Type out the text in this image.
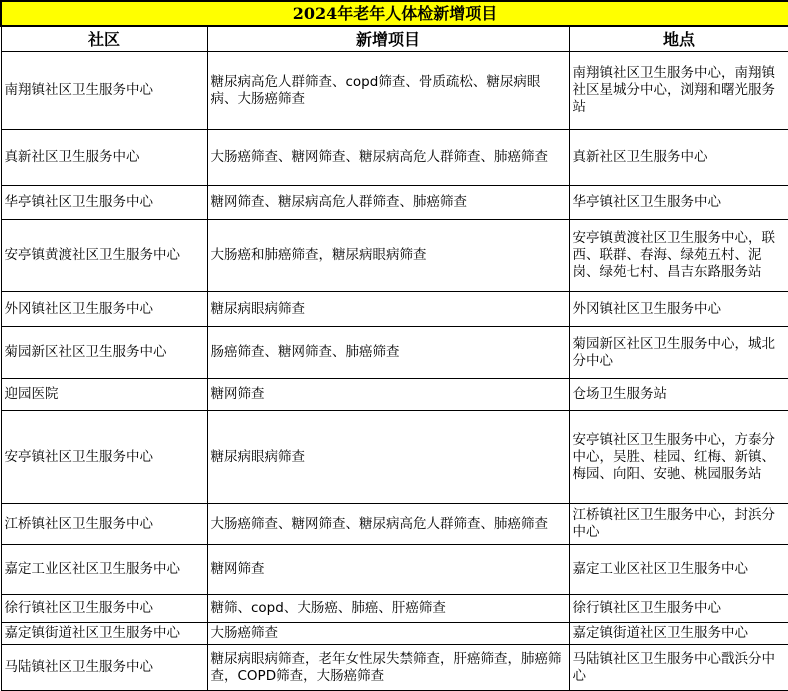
2024年老年人体检新增项目		
社区	新增项目	地点
南翔镇社区卫生服务中心	糖尿病高危人群筛查、copd筛查、骨质疏松、糖尿病眼病、大肠癌筛查	南翔镇社区卫生服务中心，南翔镇社区星城分中心，浏翔和曙光服务站
真新社区卫生服务中心	大肠癌筛查、糖网筛查、糖尿病高危人群筛查、肺癌筛查	真新社区卫生服务中心
华亭镇社区卫生服务中心	糖网筛查、糖尿病高危人群筛查、肺癌筛查	华亭镇社区卫生服务中心
安亭镇黄渡社区卫生服务中心	大肠癌和肺癌筛查，糖尿病眼病筛查	安亭镇黄渡社区卫生服务中心，联西、联群、春海、绿苑五村、泥岗、绿苑七村、昌吉东路服务站
外冈镇社区卫生服务中心	糖尿病眼病筛查	外冈镇社区卫生服务中心
菊园新区社区卫生服务中心	肠癌筛查、糖网筛查、肺癌筛查	菊园新区社区卫生服务中心，城北分中心
迎园医院	糖网筛查	仓场卫生服务站
安亭镇社区卫生服务中心	糖尿病眼病筛查	安亭镇社区卫生服务中心，方泰分中心，吴胜、桂园、红梅、新镇、梅园、向阳、安驰、桃园服务站
江桥镇社区卫生服务中心	大肠癌筛查、糖网筛查、糖尿病高危人群筛查、肺癌筛查	江桥镇社区卫生服务中心，封浜分中心
嘉定工业区社区卫生服务中心	糖网筛查	嘉定工业区社区卫生服务中心
徐行镇社区卫生服务中心	糖筛、copd、大肠癌、肺癌、肝癌筛查	徐行镇社区卫生服务中心
嘉定镇街道社区卫生服务中心	大肠癌筛查	嘉定镇街道社区卫生服务中心
马陆镇社区卫生服务中心	糖尿病眼病筛查，老年女性尿失禁筛查，肝癌筛查，肺癌筛查，COPD筛查，大肠癌筛查	马陆镇社区卫生服务中心戬浜分中心
